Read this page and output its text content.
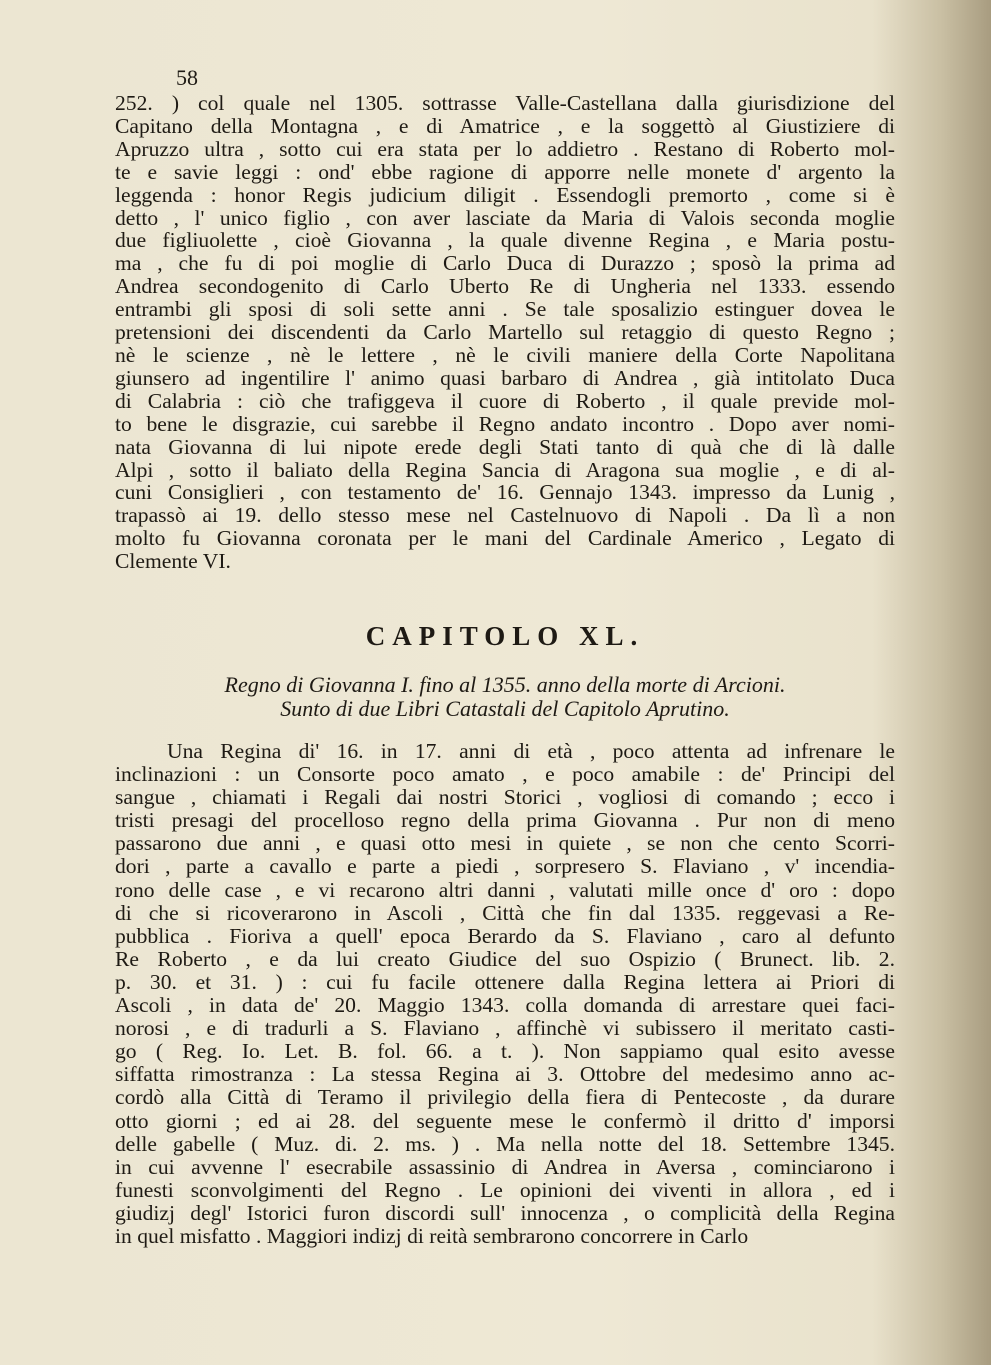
58
252. ) col quale nel 1305. sottrasse Valle-Castellana dalla giurisdizione del
Capitano della Montagna , e di Amatrice , e la soggettò al Giustiziere di
Apruzzo ultra , sotto cui era stata per lo addietro . Restano di Roberto mol-
te e savie leggi : ond' ebbe ragione di apporre nelle monete d' argento la
leggenda : honor Regis judicium diligit . Essendogli premorto , come si è
detto , l' unico figlio , con aver lasciate da Maria di Valois seconda moglie
due figliuolette , cioè Giovanna , la quale divenne Regina , e Maria postu-
ma , che fu di poi moglie di Carlo Duca di Durazzo ; sposò la prima ad
Andrea secondogenito di Carlo Uberto Re di Ungheria nel 1333. essendo
entrambi gli sposi di soli sette anni . Se tale sposalizio estinguer dovea le
pretensioni dei discendenti da Carlo Martello sul retaggio di questo Regno ;
nè le scienze , nè le lettere , nè le civili maniere della Corte Napolitana
giunsero ad ingentilire l' animo quasi barbaro di Andrea , già intitolato Duca
di Calabria : ciò che trafiggeva il cuore di Roberto , il quale previde mol-
to bene le disgrazie, cui sarebbe il Regno andato incontro . Dopo aver nomi-
nata Giovanna di lui nipote erede degli Stati tanto di quà che di là dalle
Alpi , sotto il baliato della Regina Sancia di Aragona sua moglie , e di al-
cuni Consiglieri , con testamento de' 16. Gennajo 1343. impresso da Lunig ,
trapassò ai 19. dello stesso mese nel Castelnuovo di Napoli . Da lì a non
molto fu Giovanna coronata per le mani del Cardinale Americo , Legato di
Clemente VI.
CAPITOLO XL.
Regno di Giovanna I. fino al 1355. anno della morte di Arcioni.
Sunto di due Libri Catastali del Capitolo Aprutino.
Una Regina di' 16. in 17. anni di età , poco attenta ad infrenare le
inclinazioni : un Consorte poco amato , e poco amabile : de' Principi del
sangue , chiamati i Regali dai nostri Storici , vogliosi di comando ; ecco i
tristi presagi del procelloso regno della prima Giovanna . Pur non di meno
passarono due anni , e quasi otto mesi in quiete , se non che cento Scorri-
dori , parte a cavallo e parte a piedi , sorpresero S. Flaviano , v' incendia-
rono delle case , e vi recarono altri danni , valutati mille once d' oro : dopo
di che si ricoverarono in Ascoli , Città che fin dal 1335. reggevasi a Re-
pubblica . Fioriva a quell' epoca Berardo da S. Flaviano , caro al defunto
Re Roberto , e da lui creato Giudice del suo Ospizio ( Brunect. lib. 2.
p. 30. et 31. ) : cui fu facile ottenere dalla Regina lettera ai Priori di
Ascoli , in data de' 20. Maggio 1343. colla domanda di arrestare quei faci-
norosi , e di tradurli a S. Flaviano , affinchè vi subissero il meritato casti-
go ( Reg. Io. Let. B. fol. 66. a t. ). Non sappiamo qual esito avesse
siffatta rimostranza : La stessa Regina ai 3. Ottobre del medesimo anno ac-
cordò alla Città di Teramo il privilegio della fiera di Pentecoste , da durare
otto giorni ; ed ai 28. del seguente mese le confermò il dritto d' imporsi
delle gabelle ( Muz. di. 2. ms. ) . Ma nella notte del 18. Settembre 1345.
in cui avvenne l' esecrabile assassinio di Andrea in Aversa , cominciarono i
funesti sconvolgimenti del Regno . Le opinioni dei viventi in allora , ed i
giudizj degl' Istorici furon discordi sull' innocenza , o complicità della Regina
in quel misfatto . Maggiori indizj di reità sembrarono concorrere in Carlo
